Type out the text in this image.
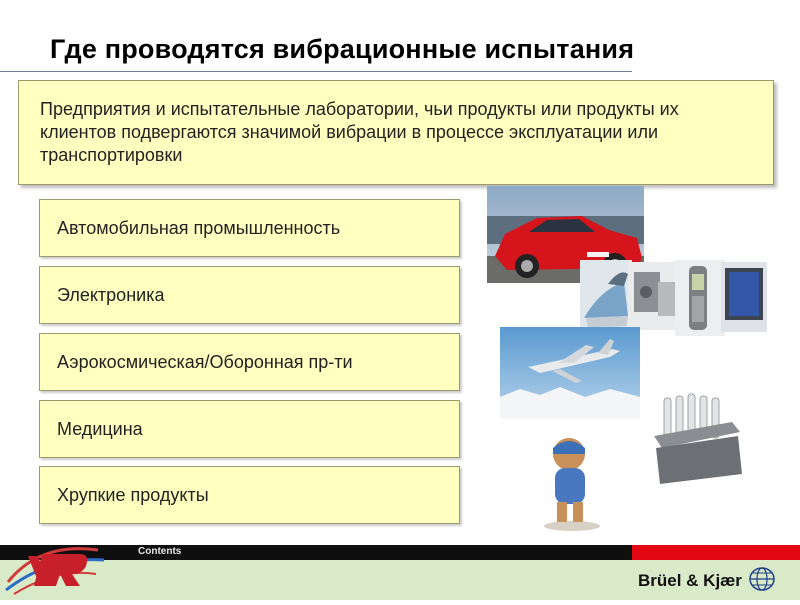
Где проводятся вибрационные испытания
Предприятия и испытательные лаборатории, чьи продукты или продукты их клиентов подвергаются значимой вибрации в процессе эксплуатации или транспортировки
Автомобильная промышленность
Электроника
Аэрокосмическая/Оборонная пр-ти
Медицина
Хрупкие продукты
Contents
Brüel & Kjær
